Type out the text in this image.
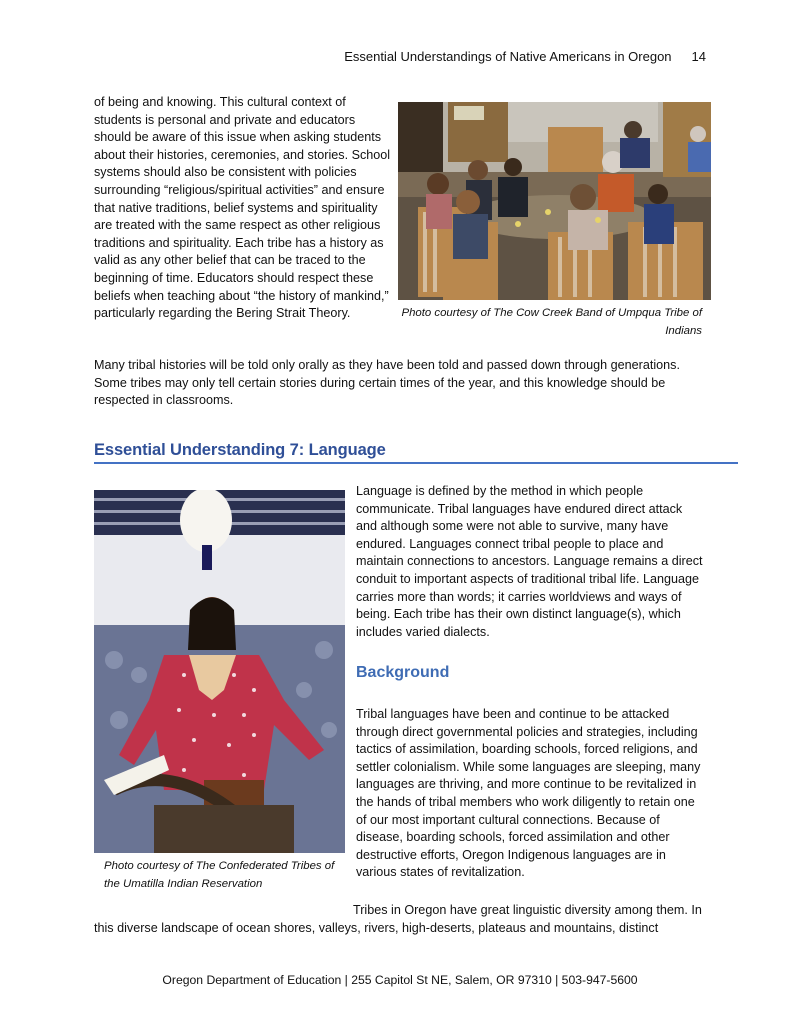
Essential Understandings of Native Americans in Oregon 14

of being and knowing. This cultural context of students is personal and private and educators should be aware of this issue when asking students about their histories, ceremonies, and stories. School systems should also be consistent with policies surrounding “religious/spiritual activities” and ensure that native traditions, belief systems and spirituality are treated with the same respect as other religious traditions and spirituality. Each tribe has a history as valid as any other belief that can be traced to the beginning of time. Educators should respect these beliefs when teaching about “the history of mankind,” particularly regarding the Bering Strait Theory.	Photo courtesy of The Cow Creek Band of Umpqua Tribe of Indians

Many tribal histories will be told only orally as they have been told and passed down through generations. Some tribes may only tell certain stories during certain times of the year, and this knowledge should be respected in classrooms.

Essential Understanding 7: Language
Photo courtesy of The Confederated Tribes of the Umatilla Indian Reservation

Language is defined by the method in which people communicate. Tribal languages have endured direct attack and although some were not able to survive, many have endured. Languages connect tribal people to place and maintain connections to ancestors. Language remains a direct conduit to important aspects of traditional tribal life. Language carries more than words; it carries worldviews and ways of being. Each tribe has their own distinct language(s), which includes varied dialects.

Background

Tribal languages have been and continue to be attacked through direct governmental policies and strategies, including tactics of assimilation, boarding schools, forced religions, and settler colonialism. While some languages are sleeping, many languages are thriving, and more continue to be revitalized in the hands of tribal members who work diligently to retain one of our most important cultural connections. Because of disease, boarding schools, forced assimilation and other destructive efforts, Oregon Indigenous languages are in various states of revitalization.

Tribes in Oregon have great linguistic diversity among them. In this diverse landscape of ocean shores, valleys, rivers, high-deserts, plateaus and mountains, distinct

Oregon Department of Education | 255 Capitol St NE, Salem, OR 97310 | 503-947-5600
